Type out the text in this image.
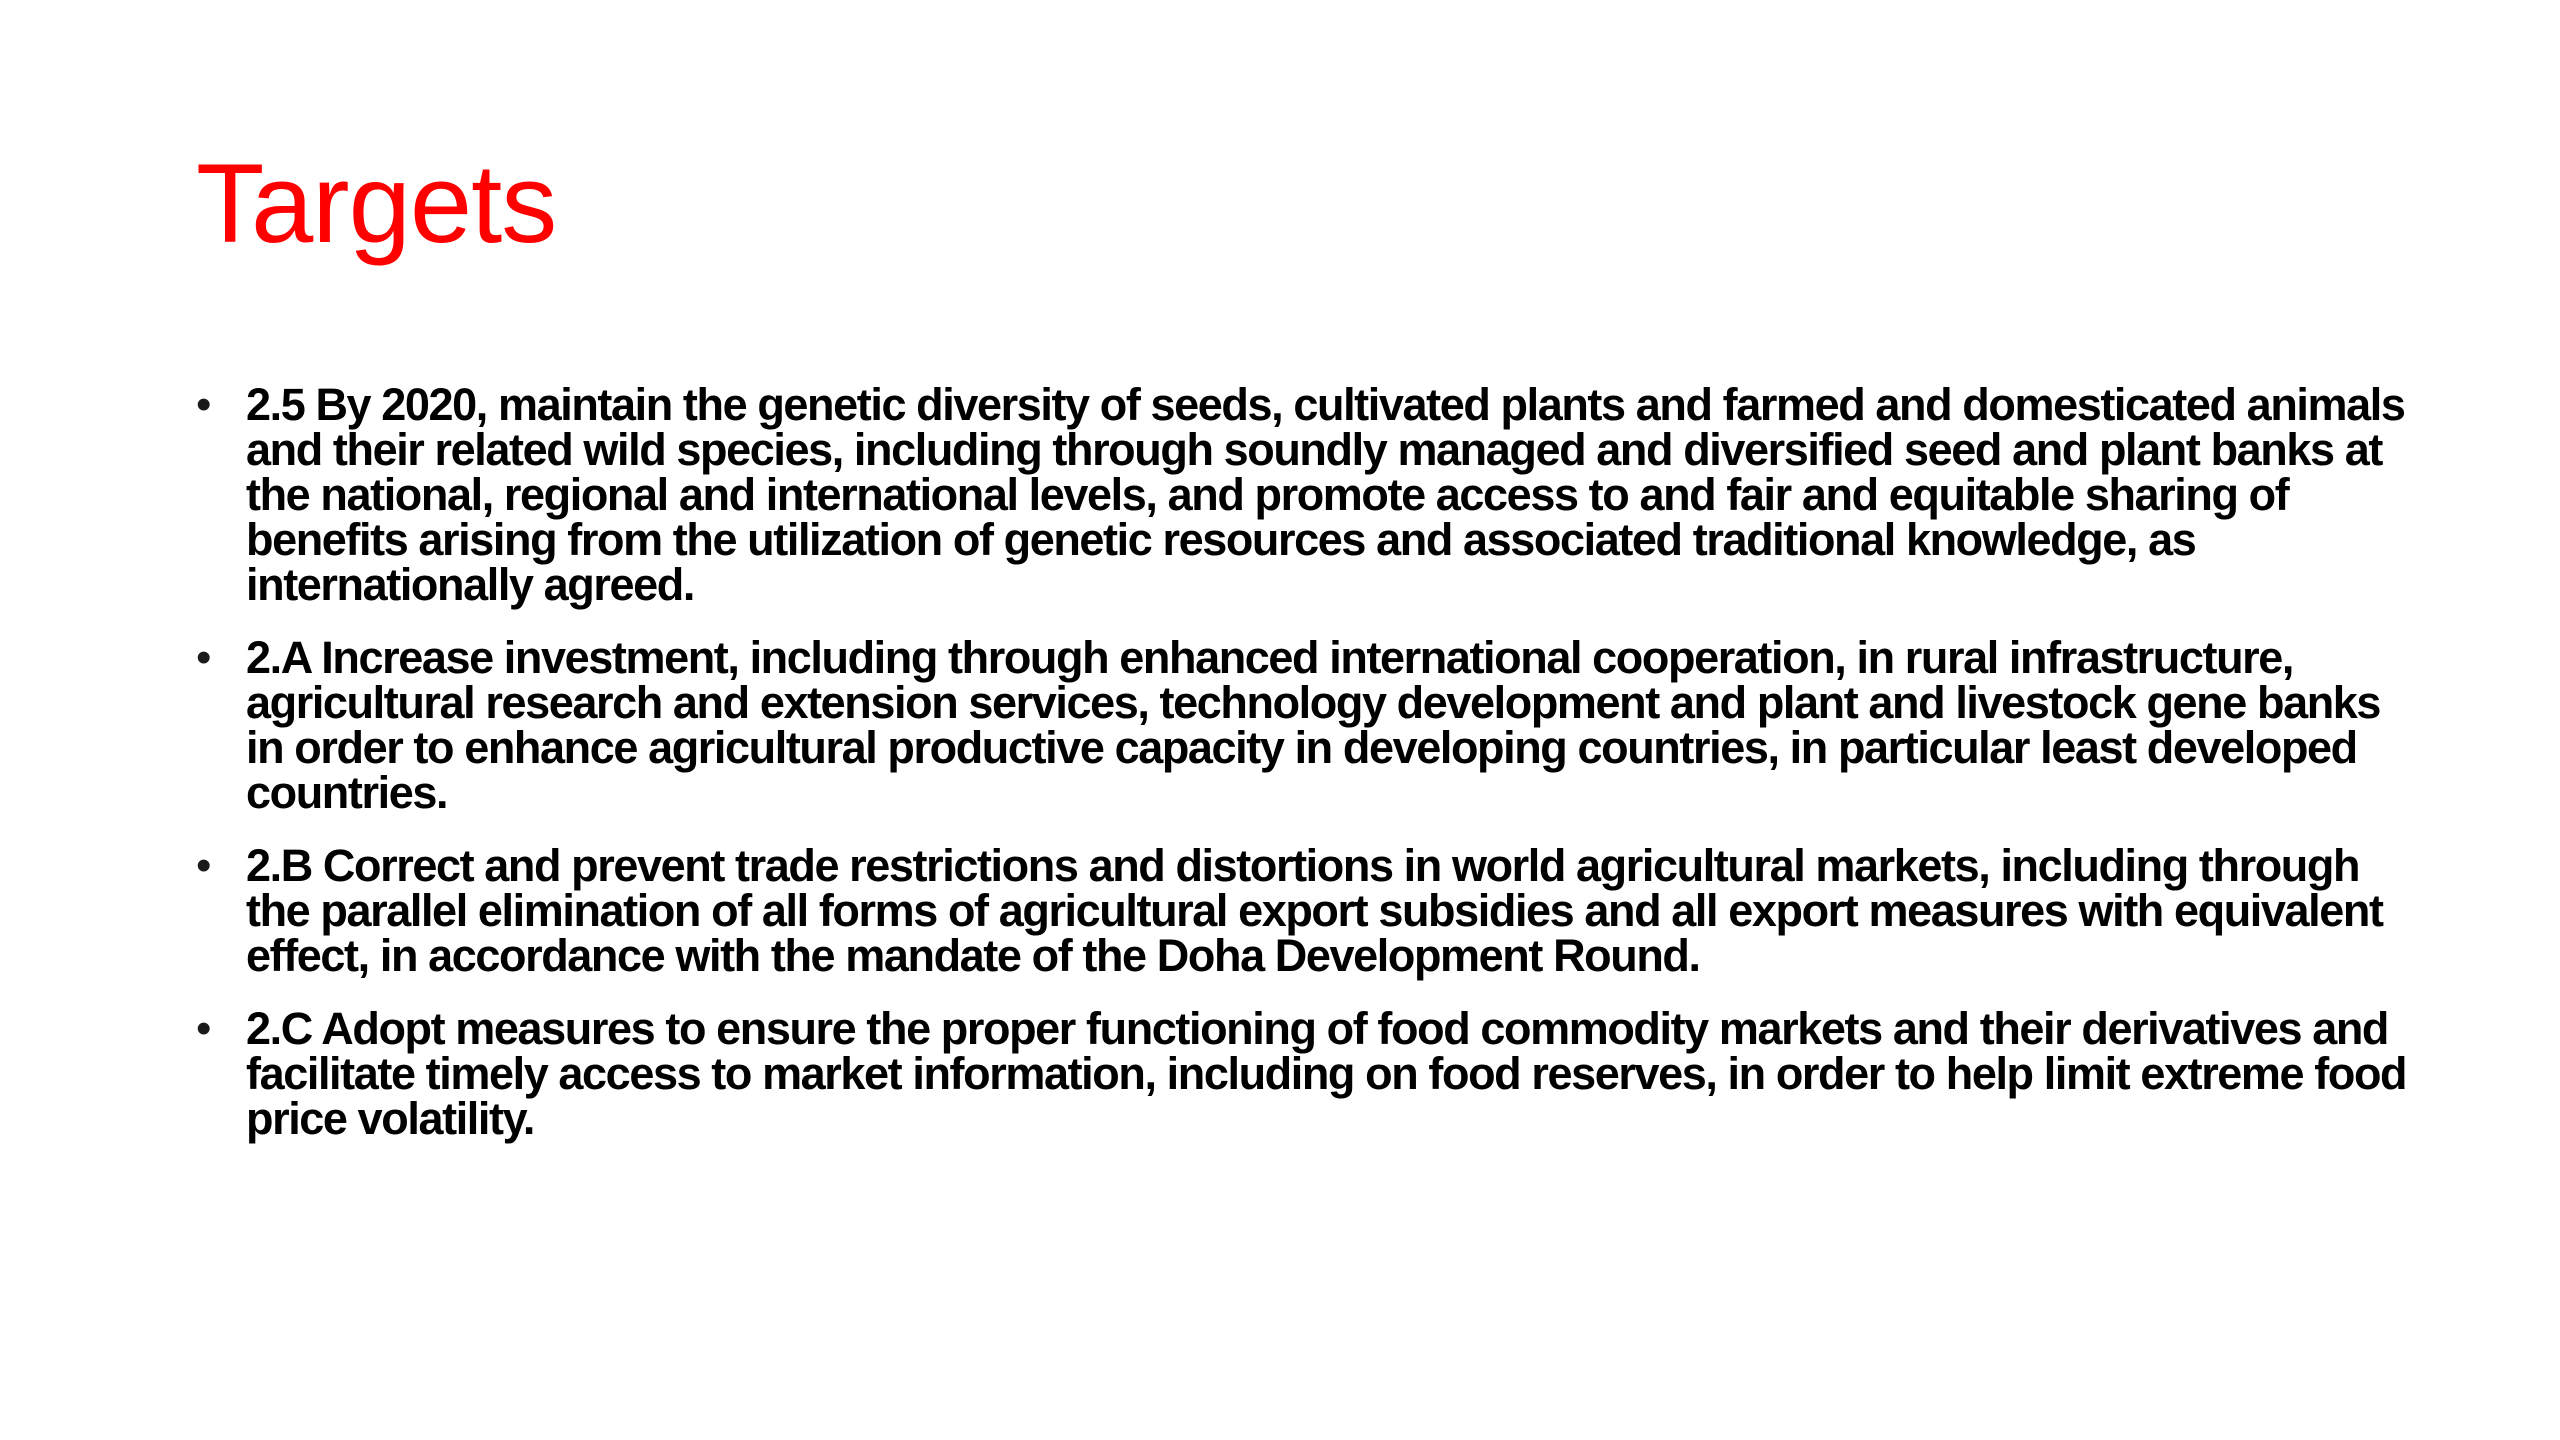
Targets
• 2.5 By 2020, maintain the genetic diversity of seeds, cultivated plants and farmed and domesticated animals and their related wild species, including through soundly managed and diversified seed and plant banks at the national, regional and international levels, and promote access to and fair and equitable sharing of benefits arising from the utilization of genetic resources and associated traditional knowledge, as internationally agreed.
• 2.A Increase investment, including through enhanced international cooperation, in rural infrastructure, agricultural research and extension services, technology development and plant and livestock gene banks in order to enhance agricultural productive capacity in developing countries, in particular least developed countries.
• 2.B Correct and prevent trade restrictions and distortions in world agricultural markets, including through the parallel elimination of all forms of agricultural export subsidies and all export measures with equivalent effect, in accordance with the mandate of the Doha Development Round.
• 2.C Adopt measures to ensure the proper functioning of food commodity markets and their derivatives and facilitate timely access to market information, including on food reserves, in order to help limit extreme food price volatility.
